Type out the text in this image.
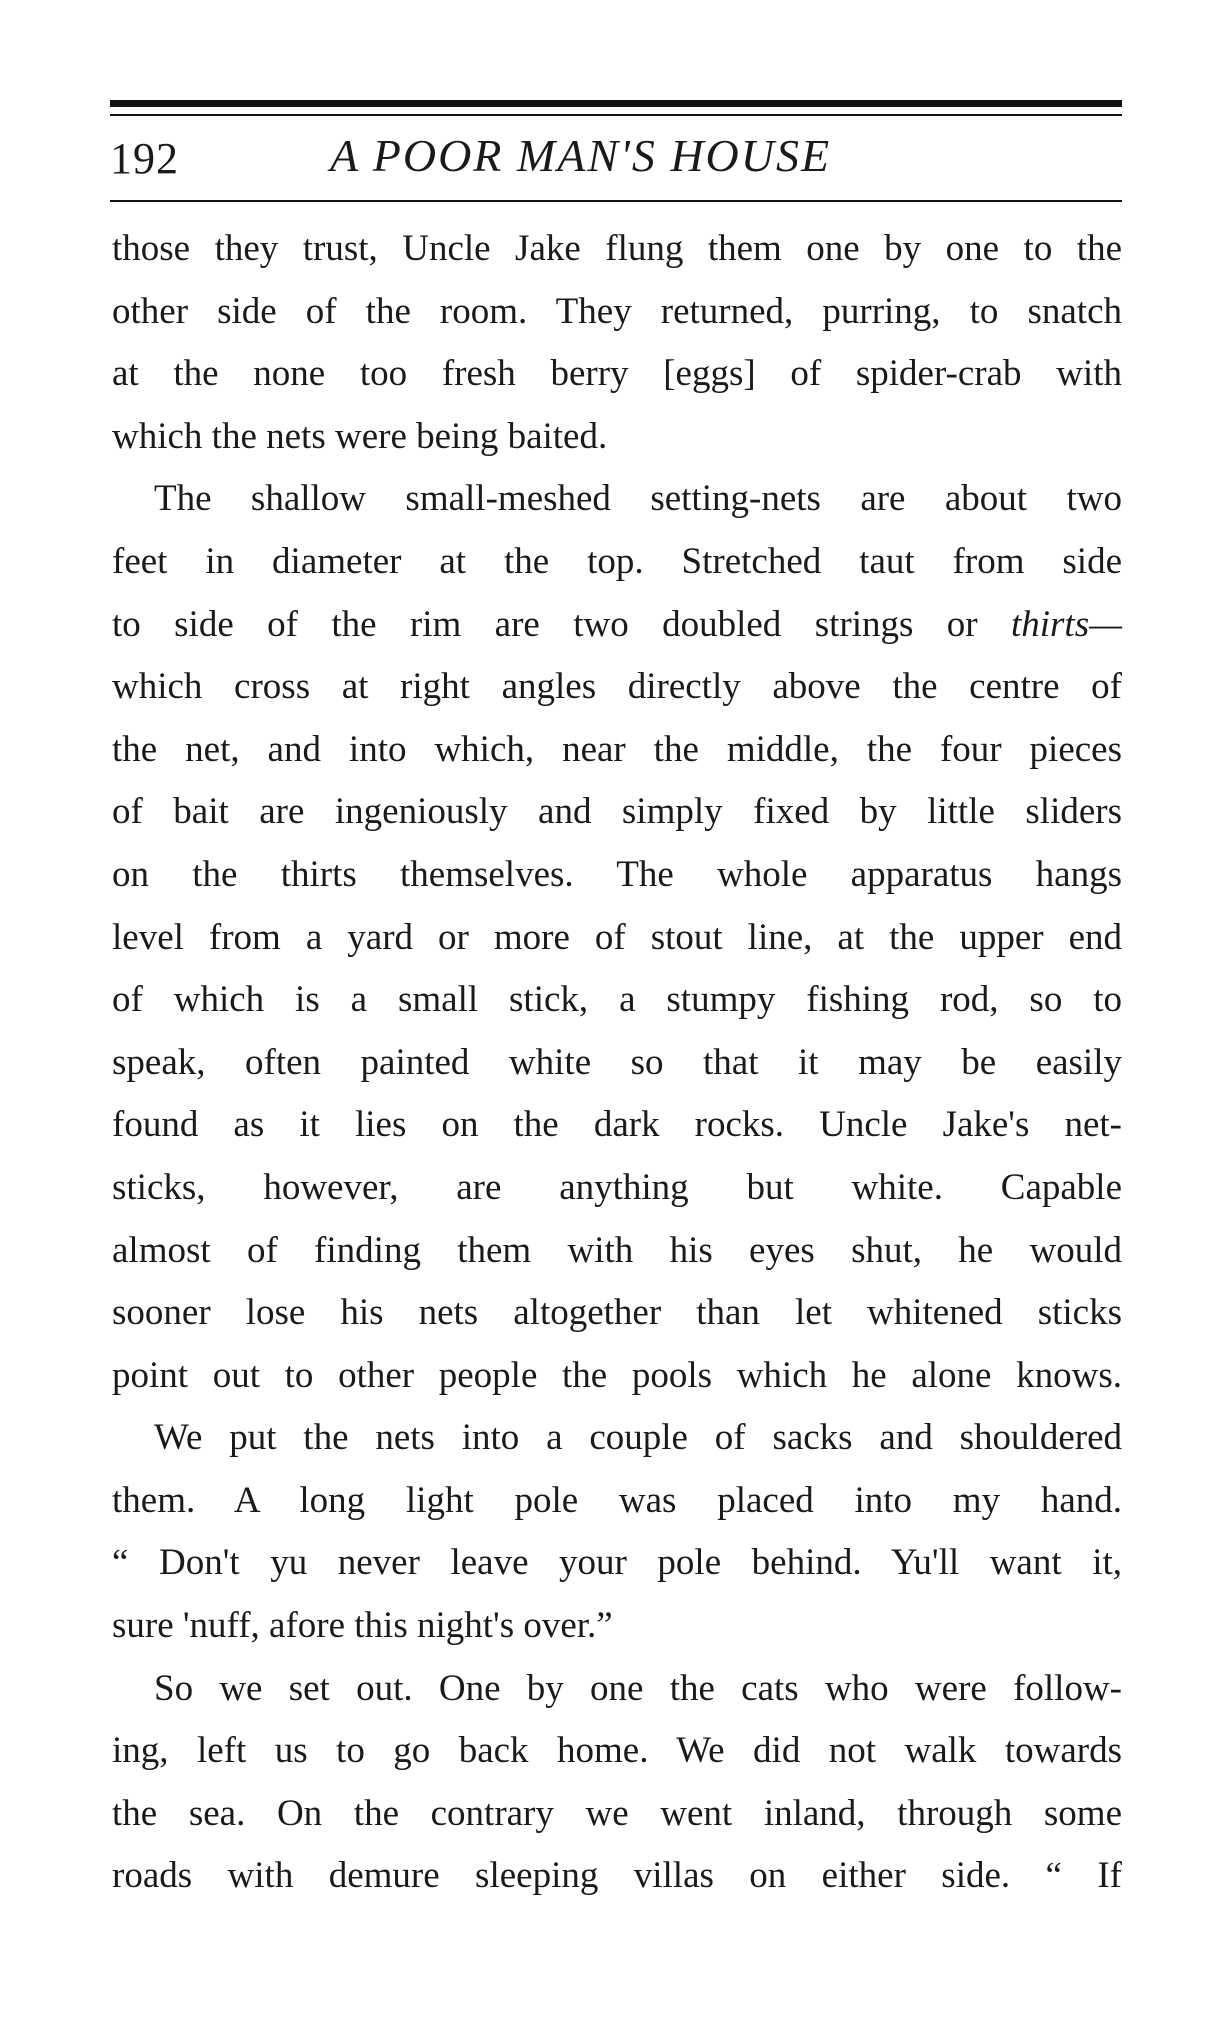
192	A POOR MAN'S HOUSE
those they trust, Uncle Jake flung them one by one to the
other side of the room. They returned, purring, to snatch
at the none too fresh berry [eggs] of spider-crab with
which the nets were being baited.
The shallow small-meshed setting-nets are about two
feet in diameter at the top. Stretched taut from side
to side of the rim are two doubled strings or thirts—
which cross at right angles directly above the centre of
the net, and into which, near the middle, the four pieces
of bait are ingeniously and simply fixed by little sliders
on the thirts themselves. The whole apparatus hangs
level from a yard or more of stout line, at the upper end
of which is a small stick, a stumpy fishing rod, so to
speak, often painted white so that it may be easily
found as it lies on the dark rocks. Uncle Jake's net-
sticks, however, are anything but white. Capable
almost of finding them with his eyes shut, he would
sooner lose his nets altogether than let whitened sticks
point out to other people the pools which he alone knows.
We put the nets into a couple of sacks and shouldered
them. A long light pole was placed into my hand.
“ Don't yu never leave your pole behind. Yu'll want it,
sure 'nuff, afore this night's over.”
So we set out. One by one the cats who were follow-
ing, left us to go back home. We did not walk towards
the sea. On the contrary we went inland, through some
roads with demure sleeping villas on either side. “ If
